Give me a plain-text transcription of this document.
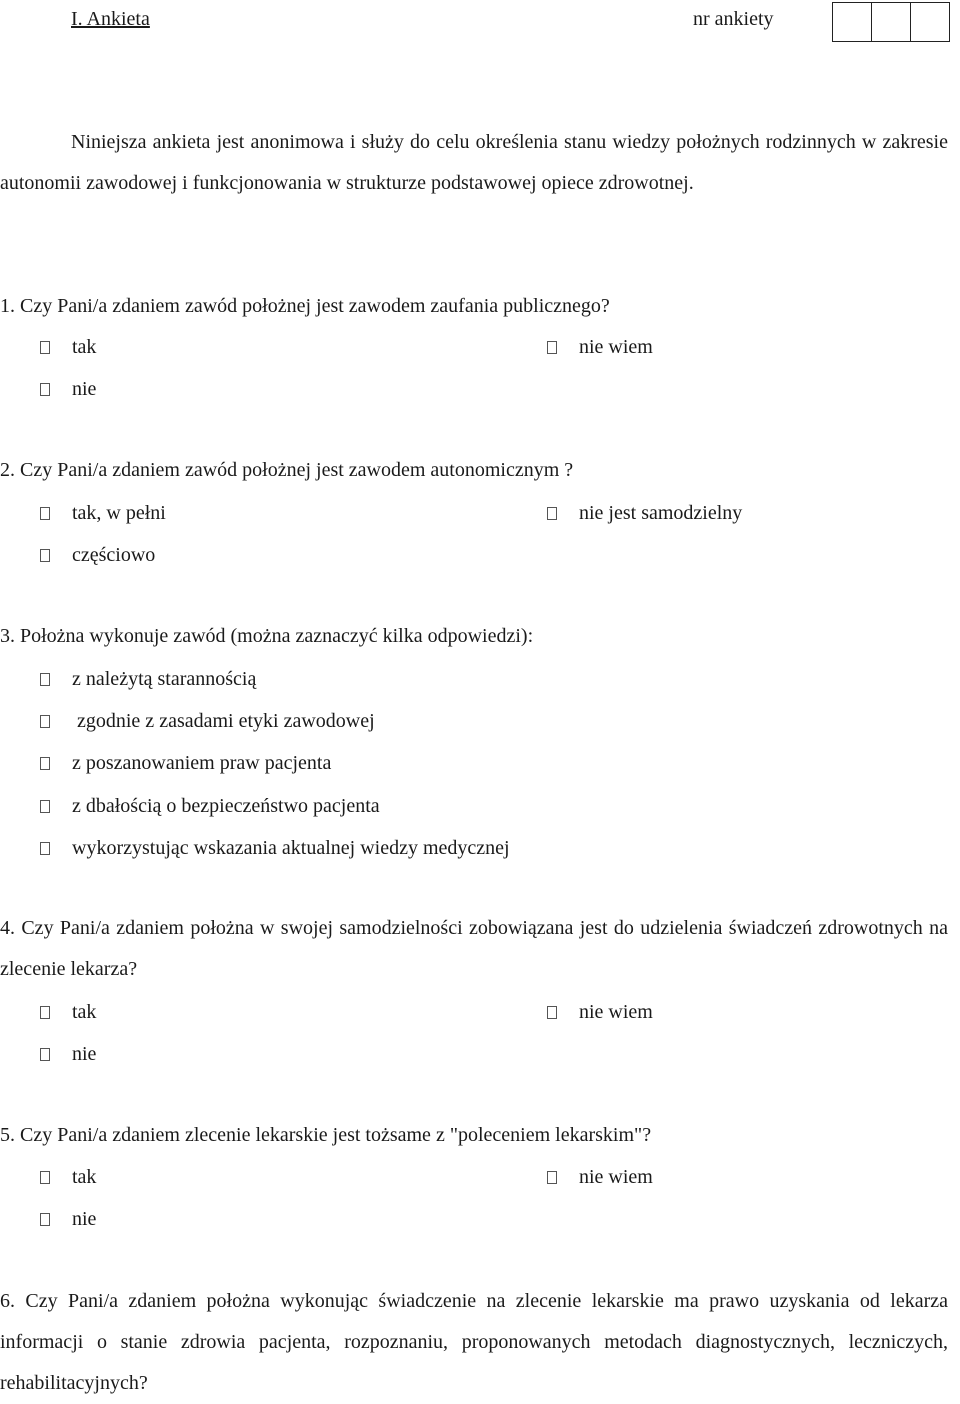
I. Ankieta	nr ankiety
Niniejsza ankieta jest anonimowa i służy do celu określenia stanu wiedzy położnych rodzinnych w zakresie autonomii zawodowej i funkcjonowania w strukturze podstawowej opiece zdrowotnej.
1. Czy Pani/a zdaniem zawód położnej jest zawodem zaufania publicznego?
tak	nie wiem
nie
2. Czy Pani/a zdaniem zawód położnej jest zawodem autonomicznym ?
tak, w pełni	nie jest samodzielny
częściowo
3. Położna wykonuje zawód (można zaznaczyć kilka odpowiedzi):
z należytą starannością
zgodnie z zasadami etyki zawodowej
z poszanowaniem praw pacjenta
z dbałością o bezpieczeństwo pacjenta
wykorzystując wskazania aktualnej wiedzy medycznej
4. Czy Pani/a zdaniem położna w swojej samodzielności zobowiązana jest do udzielenia świadczeń zdrowotnych na zlecenie lekarza?
tak	nie wiem
nie
5. Czy Pani/a zdaniem zlecenie lekarskie jest tożsame z "poleceniem lekarskim"?
tak	nie wiem
nie
6. Czy Pani/a zdaniem położna wykonując świadczenie na zlecenie lekarskie ma prawo uzyskania od lekarza informacji o stanie zdrowia pacjenta, rozpoznaniu, proponowanych metodach diagnostycznych, leczniczych, rehabilitacyjnych?
